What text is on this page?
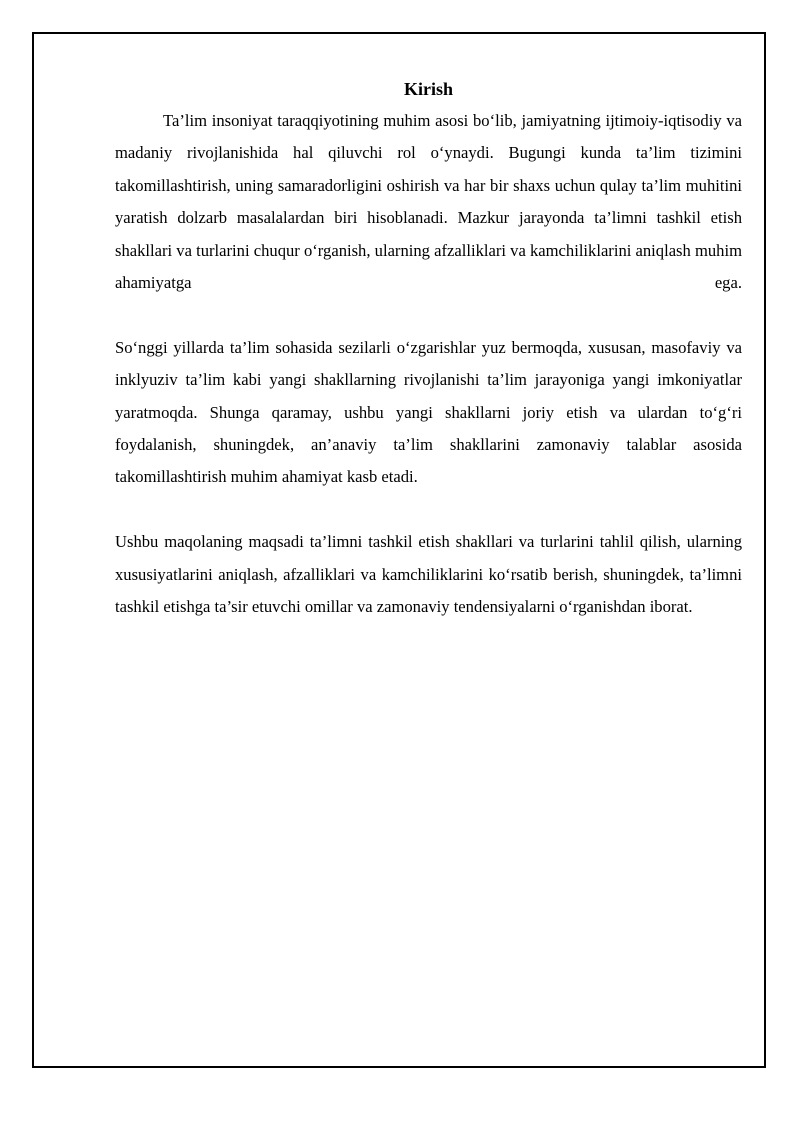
Kirish

Ta’lim insoniyat taraqqiyotining muhim asosi bo‘lib, jamiyatning ijtimoiy-iqtisodiy va madaniy rivojlanishida hal qiluvchi rol o‘ynaydi. Bugungi kunda ta’lim tizimini takomillashtirish, uning samaradorligini oshirish va har bir shaxs uchun qulay ta’lim muhitini yaratish dolzarb masalalardan biri hisoblanadi. Mazkur jarayonda ta’limni tashkil etish shakllari va turlarini chuqur o‘rganish, ularning afzalliklari va kamchiliklarini aniqlash muhim ahamiyatga ega.

So‘nggi yillarda ta’lim sohasida sezilarli o‘zgarishlar yuz bermoqda, xususan, masofaviy va inklyuziv ta’lim kabi yangi shakllarning rivojlanishi ta’lim jarayoniga yangi imkoniyatlar yaratmoqda. Shunga qaramay, ushbu yangi shakllarni joriy etish va ulardan to‘g‘ri foydalanish, shuningdek, an’anaviy ta’lim shakllarini zamonaviy talablar asosida takomillashtirish muhim ahamiyat kasb etadi.

Ushbu maqolaning maqsadi ta’limni tashkil etish shakllari va turlarini tahlil qilish, ularning xususiyatlarini aniqlash, afzalliklari va kamchiliklarini ko‘rsatib berish, shuningdek, ta’limni tashkil etishga ta’sir etuvchi omillar va zamonaviy tendensiyalarni o‘rganishdan iborat.
